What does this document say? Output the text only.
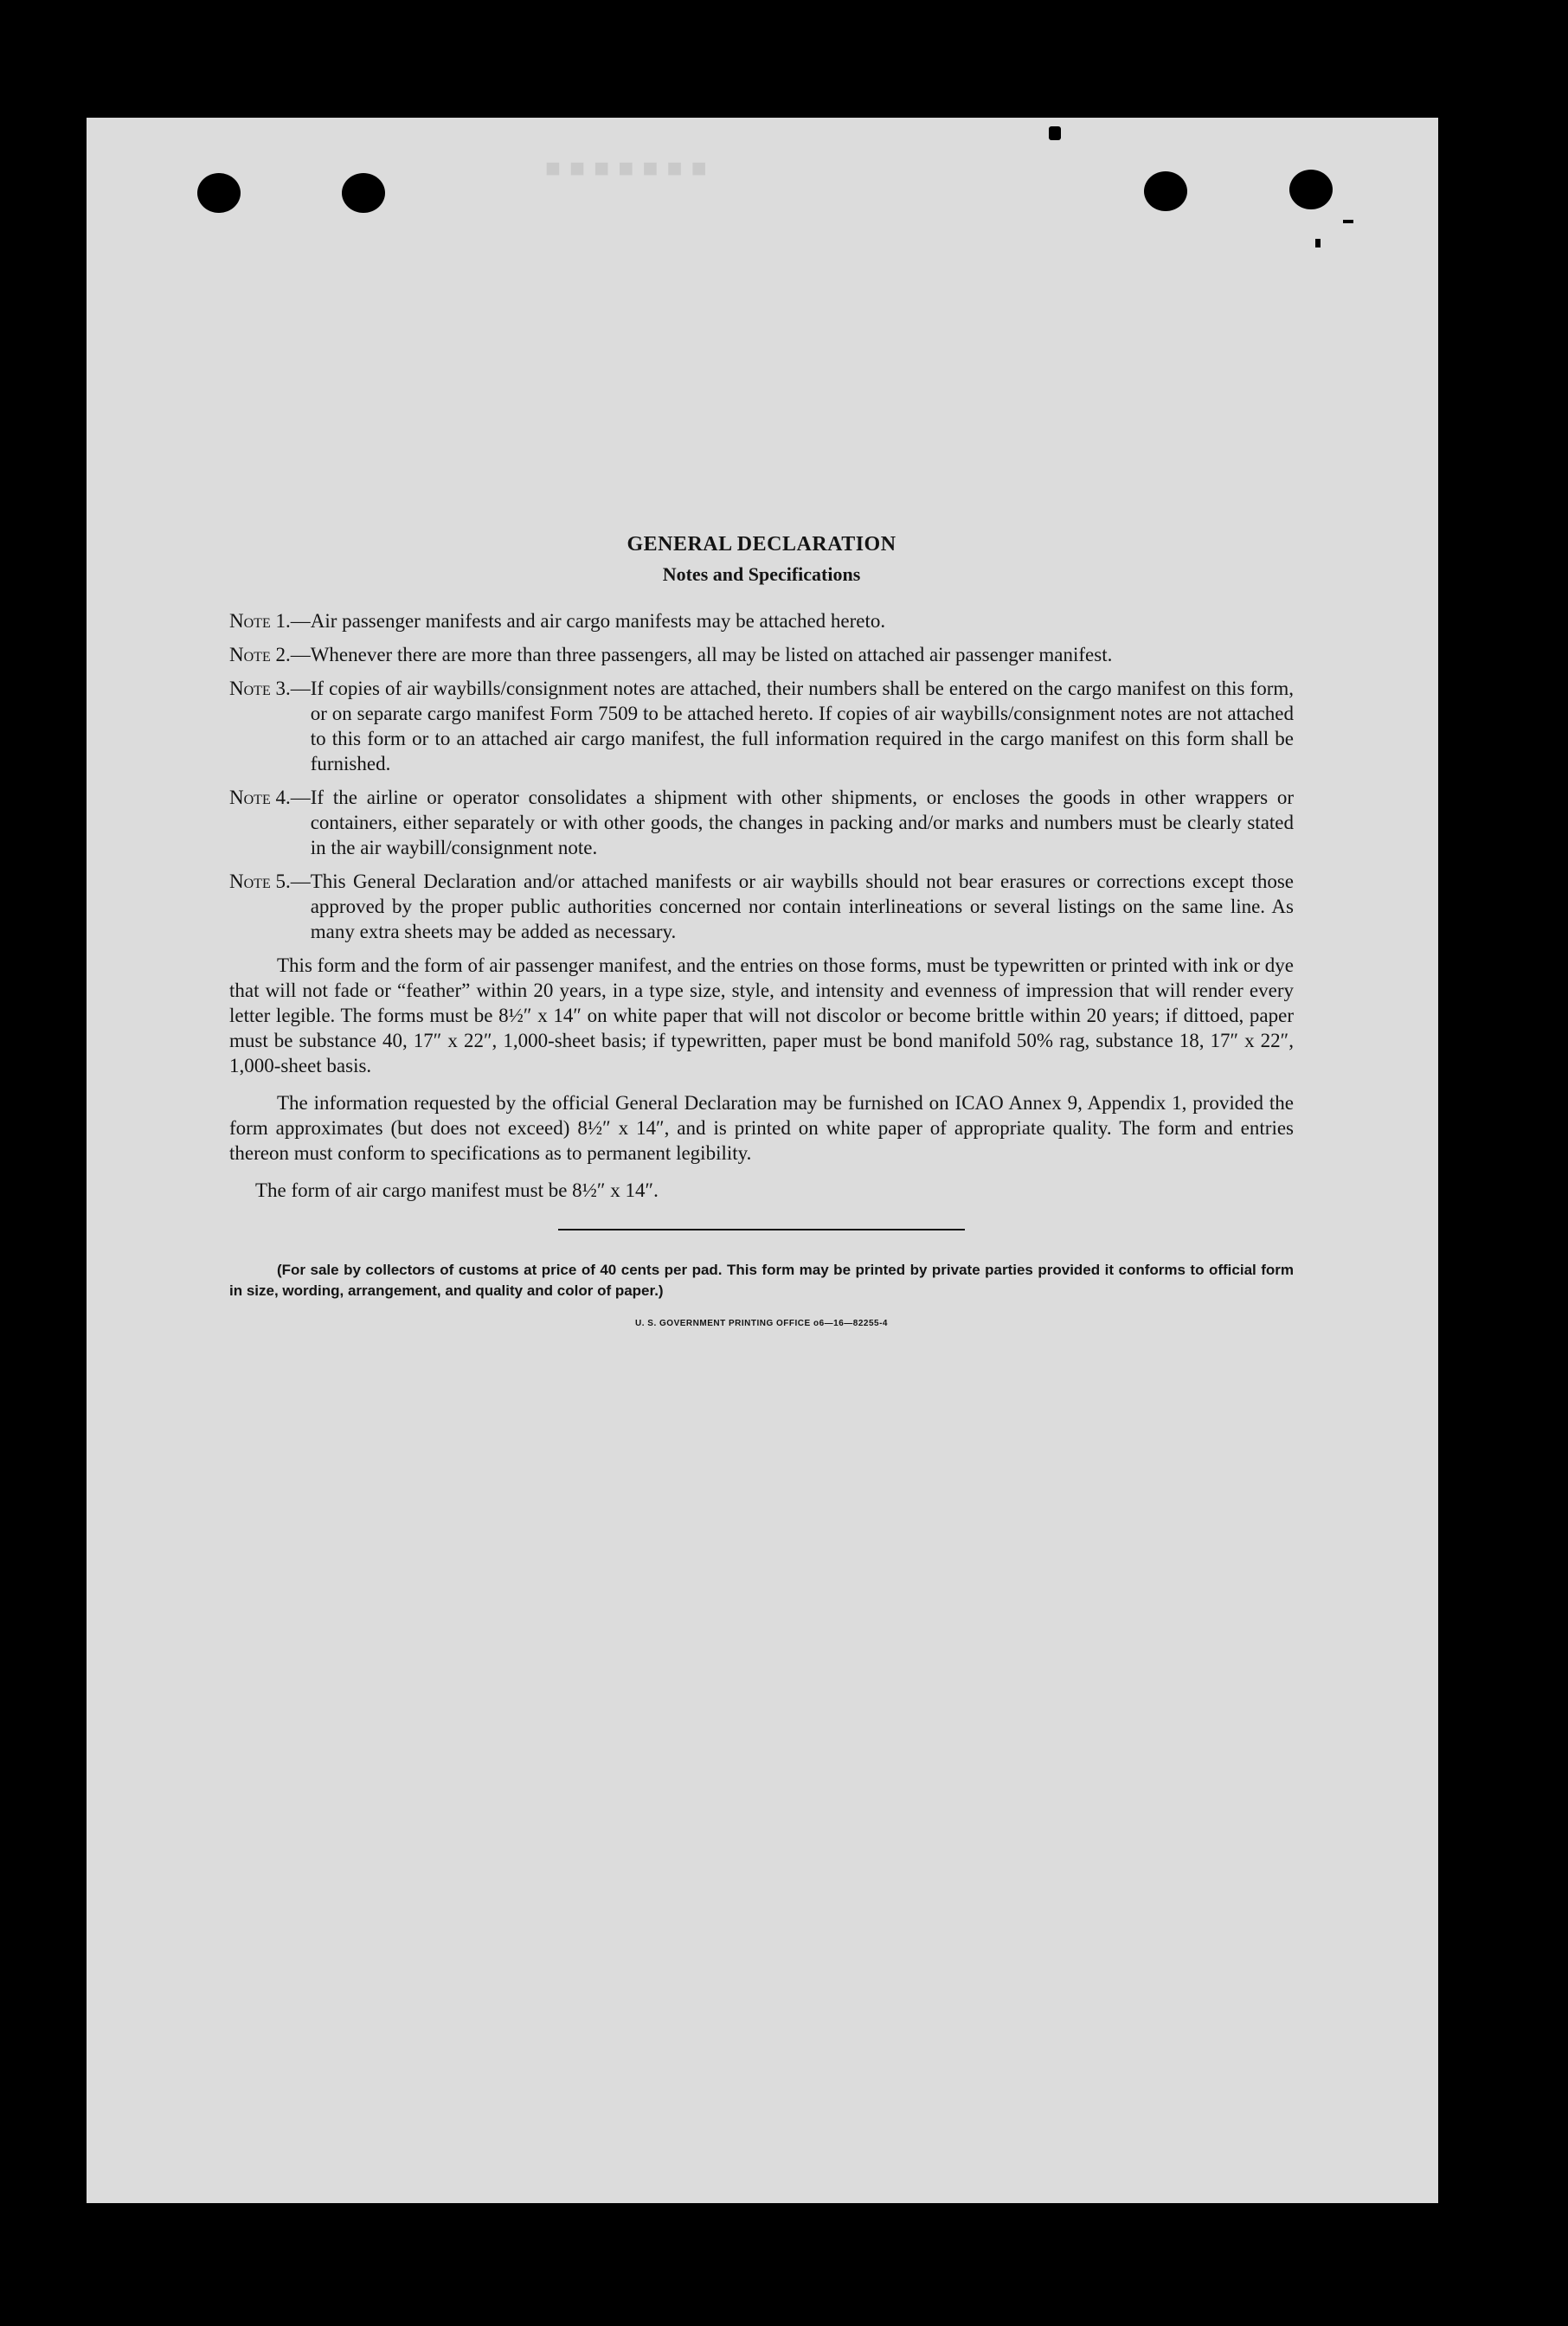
■■■■■■■
GENERAL DECLARATION
Notes and Specifications
Note 1.— Air passenger manifests and air cargo manifests may be attached hereto.
Note 2.— Whenever there are more than three passengers, all may be listed on attached air passenger manifest.
Note 3.— If copies of air waybills/consignment notes are attached, their numbers shall be entered on the cargo manifest on this form, or on separate cargo manifest Form 7509 to be attached hereto. If copies of air waybills/consignment notes are not attached to this form or to an attached air cargo manifest, the full information required in the cargo manifest on this form shall be furnished.
Note 4.— If the airline or operator consolidates a shipment with other shipments, or encloses the goods in other wrappers or containers, either separately or with other goods, the changes in packing and/or marks and numbers must be clearly stated in the air waybill/consignment note.
Note 5.— This General Declaration and/or attached manifests or air waybills should not bear erasures or corrections except those approved by the proper public authorities concerned nor contain interlineations or several listings on the same line. As many extra sheets may be added as necessary.

This form and the form of air passenger manifest, and the entries on those forms, must be typewritten or printed with ink or dye that will not fade or “feather” within 20 years, in a type size, style, and intensity and evenness of impression that will render every letter legible. The forms must be 8½″ x 14″ on white paper that will not discolor or become brittle within 20 years; if dittoed, paper must be substance 40, 17″ x 22″, 1,000-sheet basis; if typewritten, paper must be bond manifold 50% rag, substance 18, 17″ x 22″, 1,000-sheet basis.

The information requested by the official General Declaration may be furnished on ICAO Annex 9, Appendix 1, provided the form approximates (but does not exceed) 8½″ x 14″, and is printed on white paper of appropriate quality. The form and entries thereon must conform to specifications as to permanent legibility.

The form of air cargo manifest must be 8½″ x 14″.

(For sale by collectors of customs at price of 40 cents per pad. This form may be printed by private parties provided it conforms to official form in size, wording, arrangement, and quality and color of paper.)

U. S. GOVERNMENT PRINTING OFFICE o6—16—82255-4
